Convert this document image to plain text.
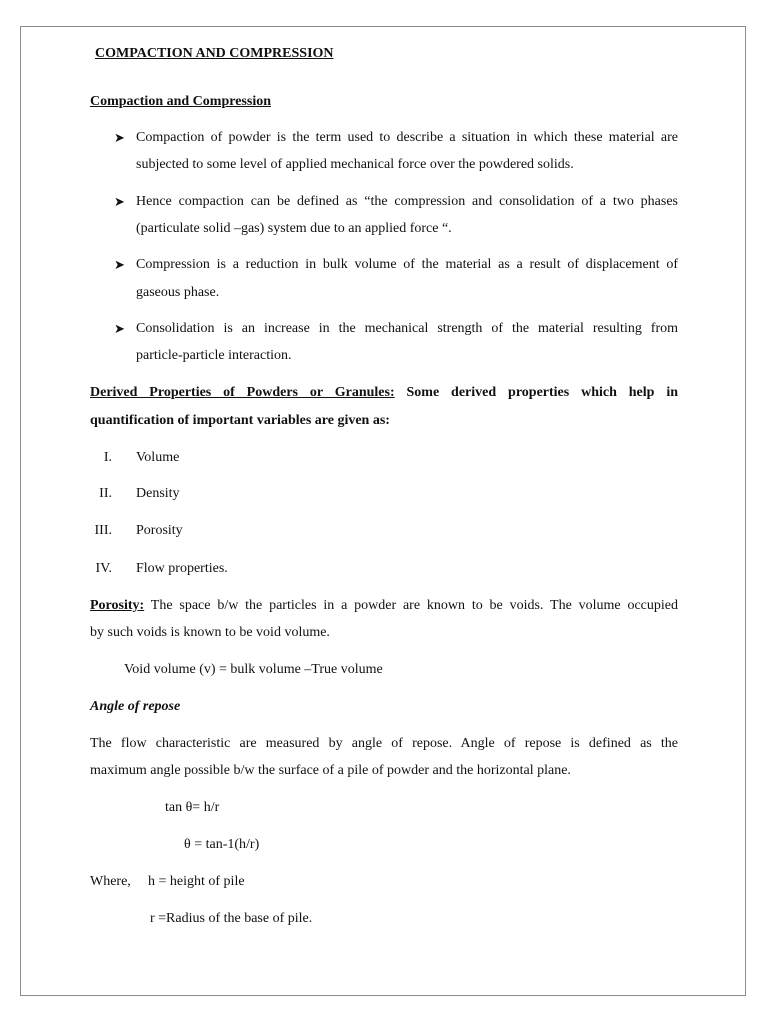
COMPACTION AND COMPRESSION
Compaction and Compression
➤ Compaction of powder is the term used to describe a situation in which these material are
subjected to some level of applied mechanical force over the powdered solids.
➤ Hence compaction can be defined as “the compression and consolidation of a two phases
(particulate solid –gas) system due to an applied force “.
➤ Compression is a reduction in bulk volume of the material as a result of displacement of
gaseous phase.
➤ Consolidation is an increase in the mechanical strength of the material resulting from
particle-particle interaction.
Derived Properties of Powders or Granules: Some derived properties which help in
quantification of important variables are given as:
I. Volume
II. Density
III. Porosity
IV. Flow properties.
Porosity: The space b/w the particles in a powder are known to be voids. The volume occupied
by such voids is known to be void volume.
Void volume (v) = bulk volume –True volume
Angle of repose
The flow characteristic are measured by angle of repose. Angle of repose is defined as the
maximum angle possible b/w the surface of a pile of powder and the horizontal plane.
tan θ= h/r
θ = tan-1(h/r)
Where, h = height of pile
r =Radius of the base of pile.
